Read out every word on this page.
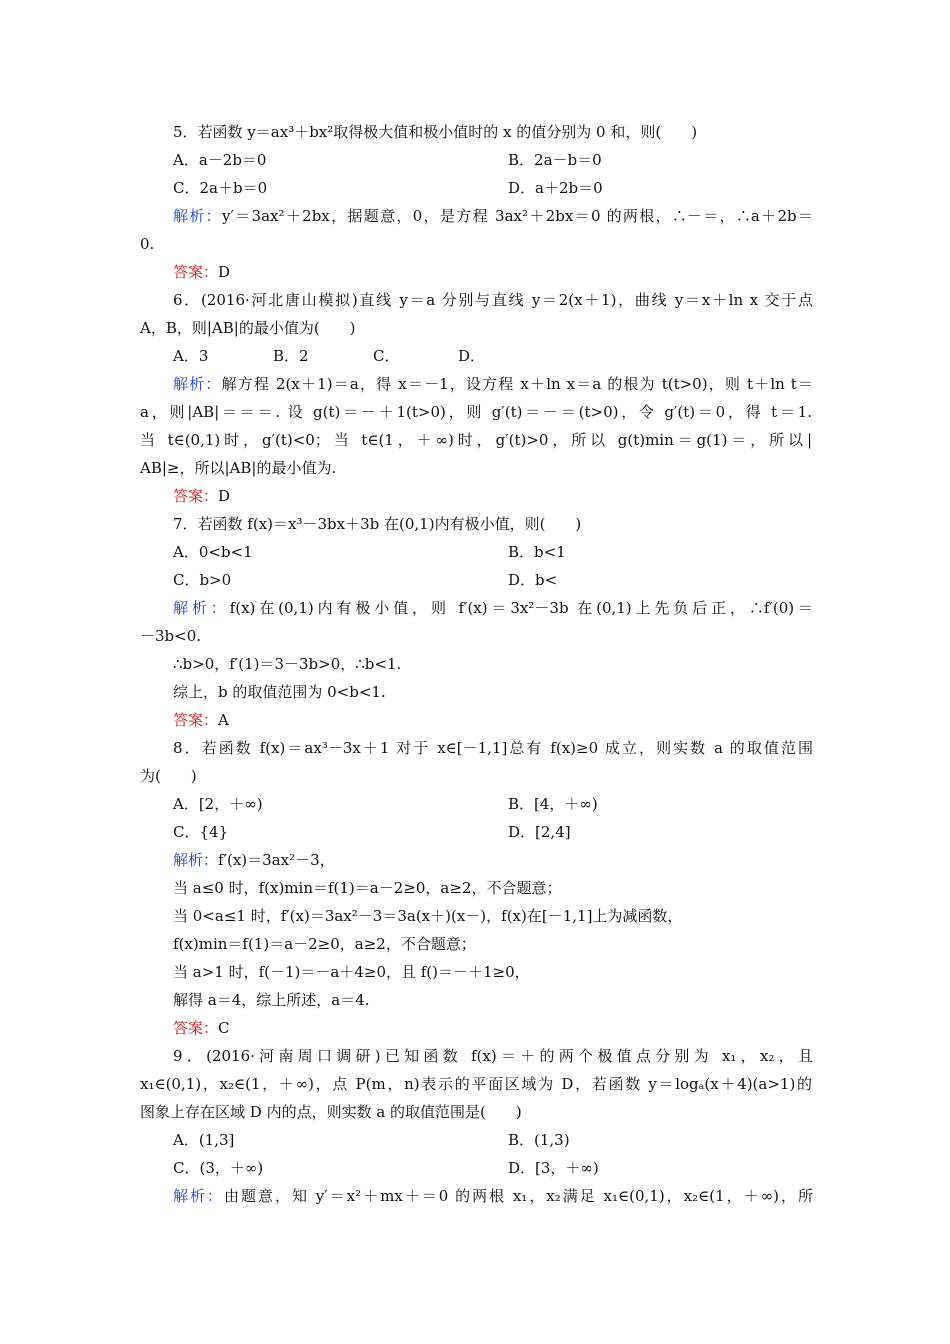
5．若函数 y＝ax³＋bx²取得极大值和极小值时的 x 的值分别为 0 和，则(　　)
A．a－2b＝0	B．2a－b＝0
C．2a＋b＝0	D．a＋2b＝0
解析：y′＝3ax²＋2bx，据题意，0，是方程 3ax²＋2bx＝0 的两根，∴－＝，∴a＋2b＝
0.
答案：D
6．(2016·河北唐山模拟)直线 y＝a 分别与直线 y＝2(x＋1)，曲线 y＝x＋ln x 交于点
A，B，则|AB|的最小值为(　　)
A．3	B．2	C．	D．
解析：解方程 2(x＋1)＝a，得 x＝－1，设方程 x＋ln x＝a 的根为 t(t>0)，则 t＋ln t＝
a，则|AB|＝＝＝. 设 g(t)＝－＋1(t>0)，则 g′(t)＝－＝(t>0)，令 g′(t)＝0，得 t＝1.
当 t∈(0,1)时，g′(t)<0；当 t∈(1，＋∞)时，g′(t)>0，所以 g(t)min＝g(1)＝，所以|
AB|≥，所以|AB|的最小值为.
答案：D
7．若函数 f(x)＝x³－3bx＋3b 在(0,1)内有极小值，则(　　)
A．0<b<1	B．b<1
C．b>0	D．b<
解析：f(x)在(0,1)内有极小值，则 f′(x)＝3x²－3b 在(0,1)上先负后正，∴f′(0)＝
－3b<0.
∴b>0，f′(1)＝3－3b>0，∴b<1.
综上，b 的取值范围为 0<b<1.
答案：A
8．若函数 f(x)＝ax³－3x＋1 对于 x∈[－1,1]总有 f(x)≥0 成立，则实数 a 的取值范围
为(　　)
A．[2，＋∞)	B．[4，＋∞)
C．{4}	D．[2,4]
解析：f′(x)＝3ax²－3，
当 a≤0 时，f(x)min＝f(1)＝a－2≥0，a≥2，不合题意；
当 0<a≤1 时，f′(x)＝3ax²－3＝3a(x＋)(x－)，f(x)在[－1,1]上为减函数，
f(x)min＝f(1)＝a－2≥0，a≥2，不合题意；
当 a>1 时，f(－1)＝－a＋4≥0，且 f()＝－＋1≥0，
解得 a＝4，综上所述，a＝4.
答案：C
9．(2016·河南周口调研)已知函数 f(x)＝＋的两个极值点分别为 x₁，x₂，且
x₁∈(0,1)，x₂∈(1，＋∞)，点 P(m，n)表示的平面区域为 D，若函数 y＝logₐ(x＋4)(a>1)的
图象上存在区域 D 内的点，则实数 a 的取值范围是(　　)
A．(1,3]	B．(1,3)
C．(3，＋∞)	D．[3，＋∞)
解析：由题意，知 y′＝x²＋mx＋＝0 的两根 x₁，x₂满足 x₁∈(0,1)，x₂∈(1，＋∞)，所
